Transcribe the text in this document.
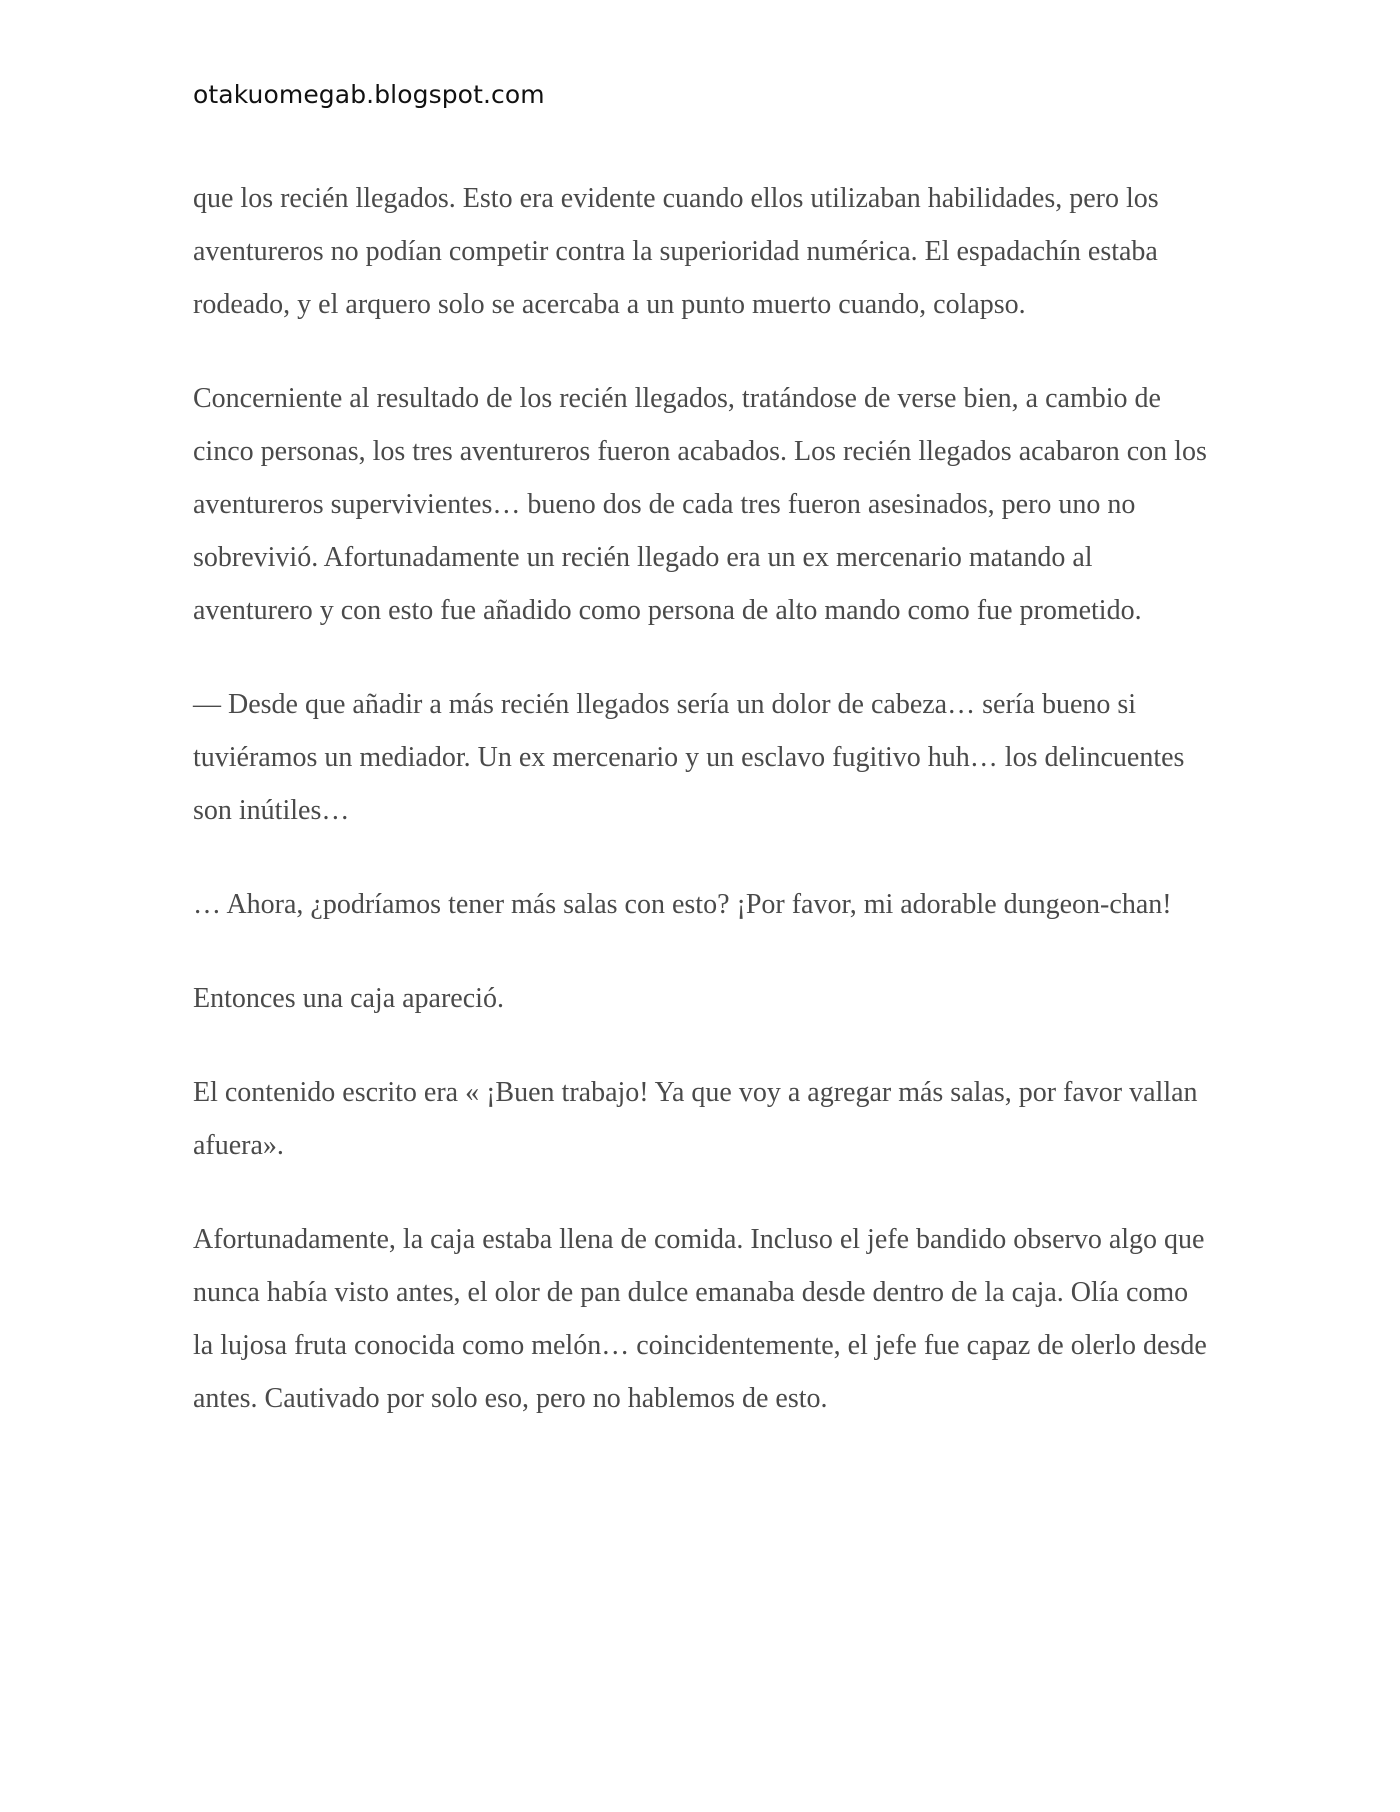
otakuomegab.blogspot.com

que los recién llegados. Esto era evidente cuando ellos utilizaban habilidades, pero los aventureros no podían competir contra la superioridad numérica. El espadachín estaba rodeado, y el arquero solo se acercaba a un punto muerto cuando, colapso.

Concerniente al resultado de los recién llegados, tratándose de verse bien, a cambio de cinco personas, los tres aventureros fueron acabados. Los recién llegados acabaron con los aventureros supervivientes… bueno dos de cada tres fueron asesinados, pero uno no sobrevivió. Afortunadamente un recién llegado era un ex mercenario matando al aventurero y con esto fue añadido como persona de alto mando como fue prometido.

— Desde que añadir a más recién llegados sería un dolor de cabeza… sería bueno si tuviéramos un mediador. Un ex mercenario y un esclavo fugitivo huh… los delincuentes son inútiles…

… Ahora, ¿podríamos tener más salas con esto? ¡Por favor, mi adorable dungeon-chan!

Entonces una caja apareció.

El contenido escrito era « ¡Buen trabajo! Ya que voy a agregar más salas, por favor vallan afuera».

Afortunadamente, la caja estaba llena de comida. Incluso el jefe bandido observo algo que nunca había visto antes, el olor de pan dulce emanaba desde dentro de la caja. Olía como la lujosa fruta conocida como melón… coincidentemente, el jefe fue capaz de olerlo desde antes. Cautivado por solo eso, pero no hablemos de esto.
